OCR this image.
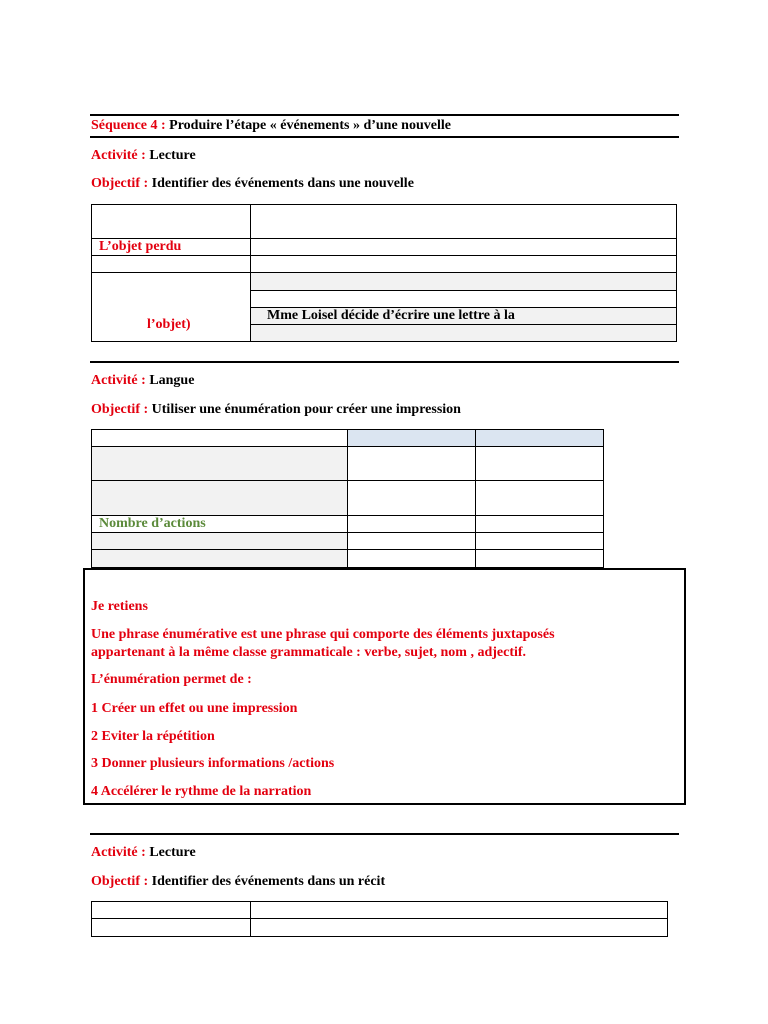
Séquence 4 : Produire l’étape « événements » d’une nouvelle
Activité : Lecture
Objectif : Identifier des événements dans une nouvelle
L’objet perdu
l’objet)
Mme Loisel décide d’écrire une lettre à la
Activité : Langue
Objectif : Utiliser une énumération pour créer une impression
Nombre d’actions
Je retiens
Une phrase énumérative est une phrase qui comporte des éléments juxtaposés
appartenant à la même classe grammaticale : verbe, sujet, nom , adjectif.
L’énumération permet de :
1 Créer un effet ou une impression
2 Eviter la répétition
3 Donner plusieurs informations /actions
4 Accélérer le rythme de la narration
Activité : Lecture
Objectif : Identifier des événements dans un récit
